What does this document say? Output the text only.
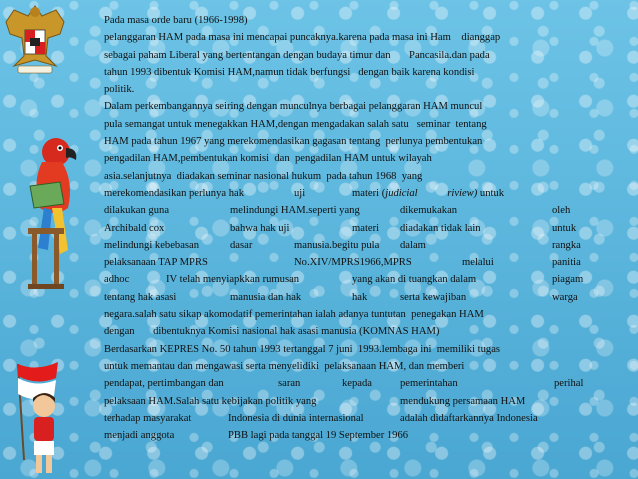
Pada masa orde baru (1966-1998)
pelanggaran HAM pada masa ini mencapai puncaknya.karena pada masa ini Ham    dianggap
sebagai paham Liberal yang bertentangan dengan budaya timur dan       Pancasila.dan pada
tahun 1993 dibentuk Komisi HAM,namun tidak berfungsi   dengan baik karena kondisi
politik.
Dalam perkembangannya seiring dengan munculnya berbagai pelanggaran HAM muncul
pula semangat untuk menegakkan HAM,dengan mengadakan salah satu   seminar  tentang
HAM pada tahun 1967 yang merekomendasikan gagasan tentang  perlunya pembentukan
pengadilan HAM,pembentukan komisi  dan  pengadilan HAM untuk wilayah
asia.selanjutnya  diadakan seminar nasional hukum  pada tahun 1968  yang
merekomendasikan perlunya hak	uji	materi ( judicial	riview) untuk
dilakukan guna	melindungi HAM.seperti yang	dikemukakan	oleh
Archibald cox	bahwa hak uji	materi	diadakan tidak lain	untuk
melindungi kebebasan	dasar	manusia.begitu pula	dalam	rangka
pelaksanaan TAP MPRS	No.XIV/MPRS1966,MPRS	melalui	panitia
adhoc	IV telah menyiapkkan rumusan	yang akan di tuangkan dalam	piagam
tentang hak asasi	manusia dan hak	hak	serta kewajiban	warga
negara.salah satu sikap akomodatif pemerintahan ialah adanya tuntutan  penegakan HAM
dengan       dibentuknya Komisi nasional hak asasi manusia (KOMNAS HAM)
Berdasarkan KEPRES No. 50 tahun 1993 tertanggal 7 juni  1993.lembaga ini  memiliki tugas
untuk memantau dan mengawasi serta menyelidiki  pelaksanaan HAM, dan memberi
pendapat, pertimbangan dan	saran	kepada	pemerintahan	perihal
pelaksaan HAM.Salah satu kebijakan politik yang	mendukung persamaan HAM
terhadap masyarakat	Indonesia di dunia internasional	adalah didaftarkannya Indonesia
menjadi anggota	PBB lagi pada tanggal 19 September 1966
